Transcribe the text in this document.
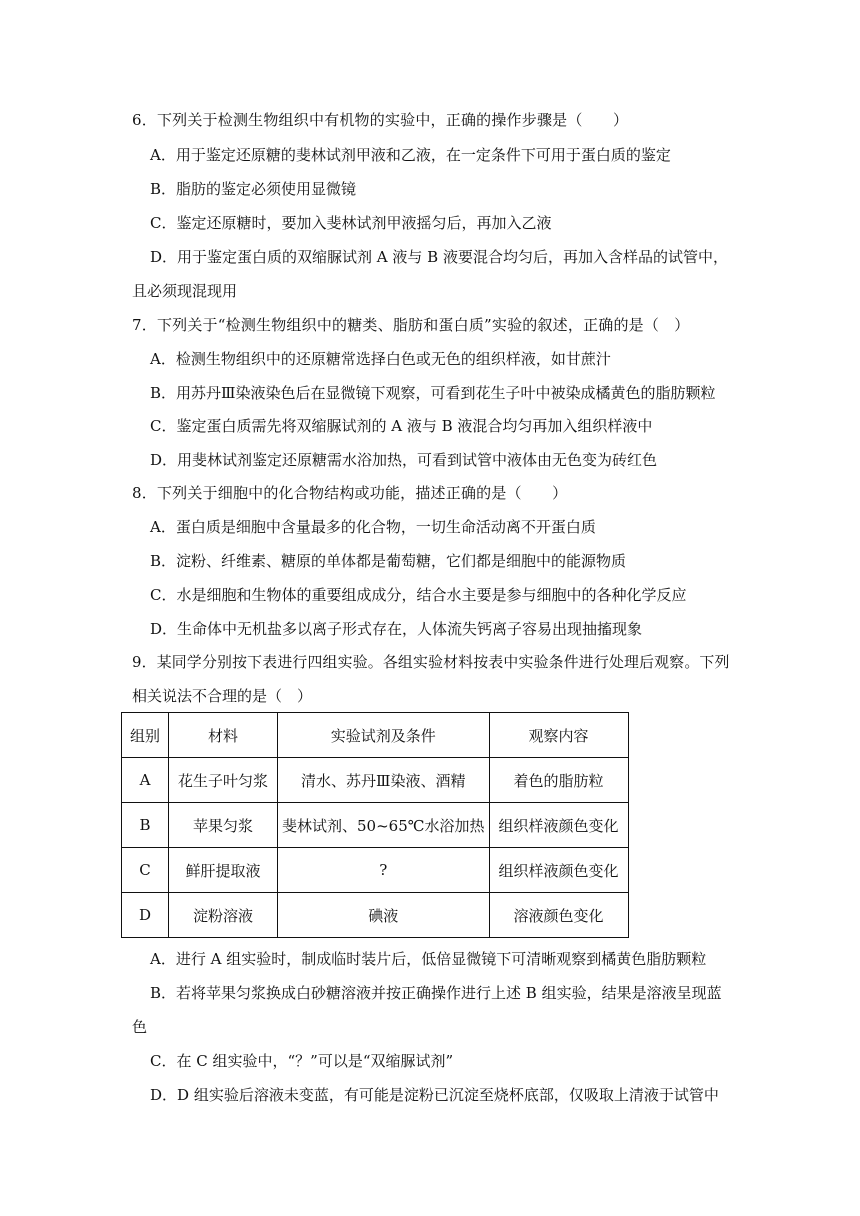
6．下列关于检测生物组织中有机物的实验中，正确的操作步骤是（　　）
A．用于鉴定还原糖的斐林试剂甲液和乙液，在一定条件下可用于蛋白质的鉴定
B．脂肪的鉴定必须使用显微镜
C．鉴定还原糖时，要加入斐林试剂甲液摇匀后，再加入乙液
D．用于鉴定蛋白质的双缩脲试剂 A 液与 B 液要混合均匀后，再加入含样品的试管中，
且必须现混现用
7．下列关于“检测生物组织中的糖类、脂肪和蛋白质”实验的叙述，正确的是（　）
A．检测生物组织中的还原糖常选择白色或无色的组织样液，如甘蔗汁
B．用苏丹Ⅲ染液染色后在显微镜下观察，可看到花生子叶中被染成橘黄色的脂肪颗粒
C．鉴定蛋白质需先将双缩脲试剂的 A 液与 B 液混合均匀再加入组织样液中
D．用斐林试剂鉴定还原糖需水浴加热，可看到试管中液体由无色变为砖红色
8．下列关于细胞中的化合物结构或功能，描述正确的是（　　）
A．蛋白质是细胞中含量最多的化合物，一切生命活动离不开蛋白质
B．淀粉、纤维素、糖原的单体都是葡萄糖，它们都是细胞中的能源物质
C．水是细胞和生物体的重要组成成分，结合水主要是参与细胞中的各种化学反应
D．生命体中无机盐多以离子形式存在，人体流失钙离子容易出现抽搐现象
9．某同学分别按下表进行四组实验。各组实验材料按表中实验条件进行处理后观察。下列
相关说法不合理的是（　）
组别	材料	实验试剂及条件	观察内容
A	花生子叶匀浆	清水、苏丹Ⅲ染液、酒精	着色的脂肪粒
B	苹果匀浆	斐林试剂、50~65℃水浴加热	组织样液颜色变化
C	鲜肝提取液	?	组织样液颜色变化
D	淀粉溶液	碘液	溶液颜色变化
A．进行 A 组实验时，制成临时装片后，低倍显微镜下可清晰观察到橘黄色脂肪颗粒
B．若将苹果匀浆换成白砂糖溶液并按正确操作进行上述 B 组实验，结果是溶液呈现蓝
色
C．在 C 组实验中，“？”可以是“双缩脲试剂”
D．D 组实验后溶液未变蓝，有可能是淀粉已沉淀至烧杯底部，仅吸取上清液于试管中
